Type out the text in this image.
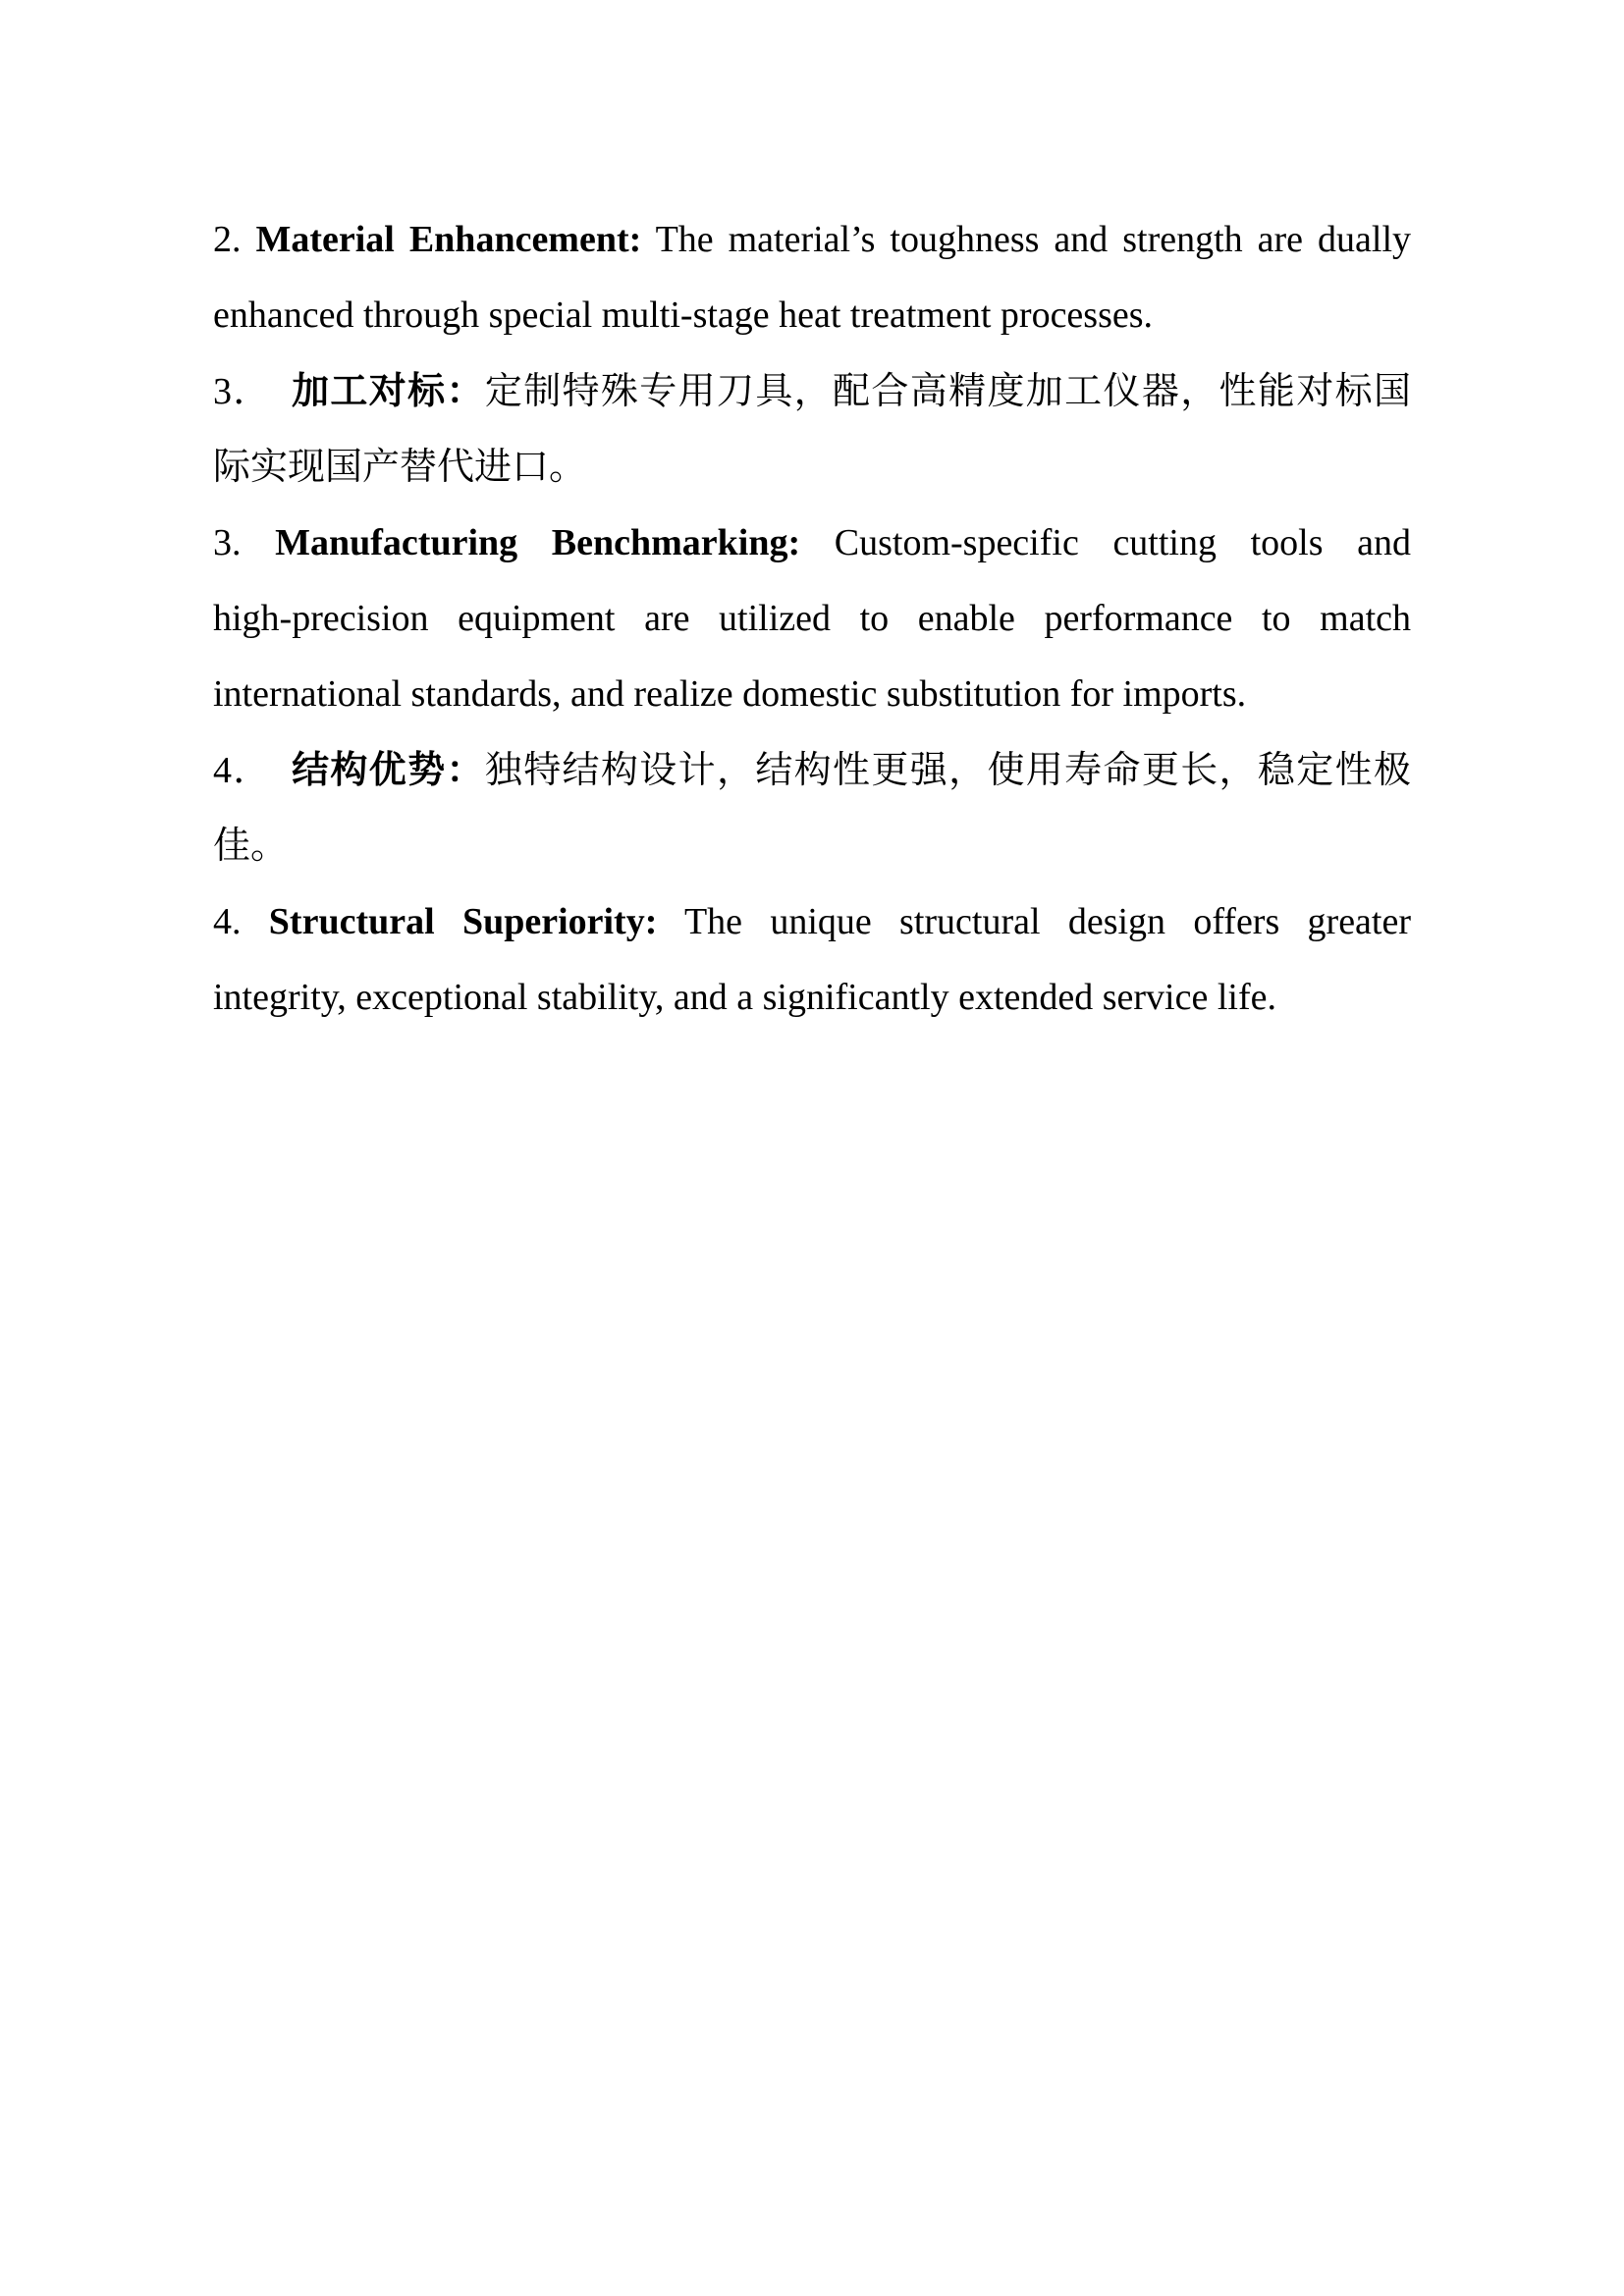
2. Material Enhancement: The material’s toughness and strength are dually
enhanced through special multi-stage heat treatment processes.
3．　加工对标：定制特殊专用刀具，配合高精度加工仪器，性能对标国
际实现国产替代进口。
3. Manufacturing Benchmarking: Custom-specific cutting tools and
high-precision equipment are utilized to enable performance to match
international standards, and realize domestic substitution for imports.
4．　结构优势：独特结构设计，结构性更强，使用寿命更长，稳定性极
佳。
4. Structural Superiority: The unique structural design offers greater
integrity, exceptional stability, and a significantly extended service life.
